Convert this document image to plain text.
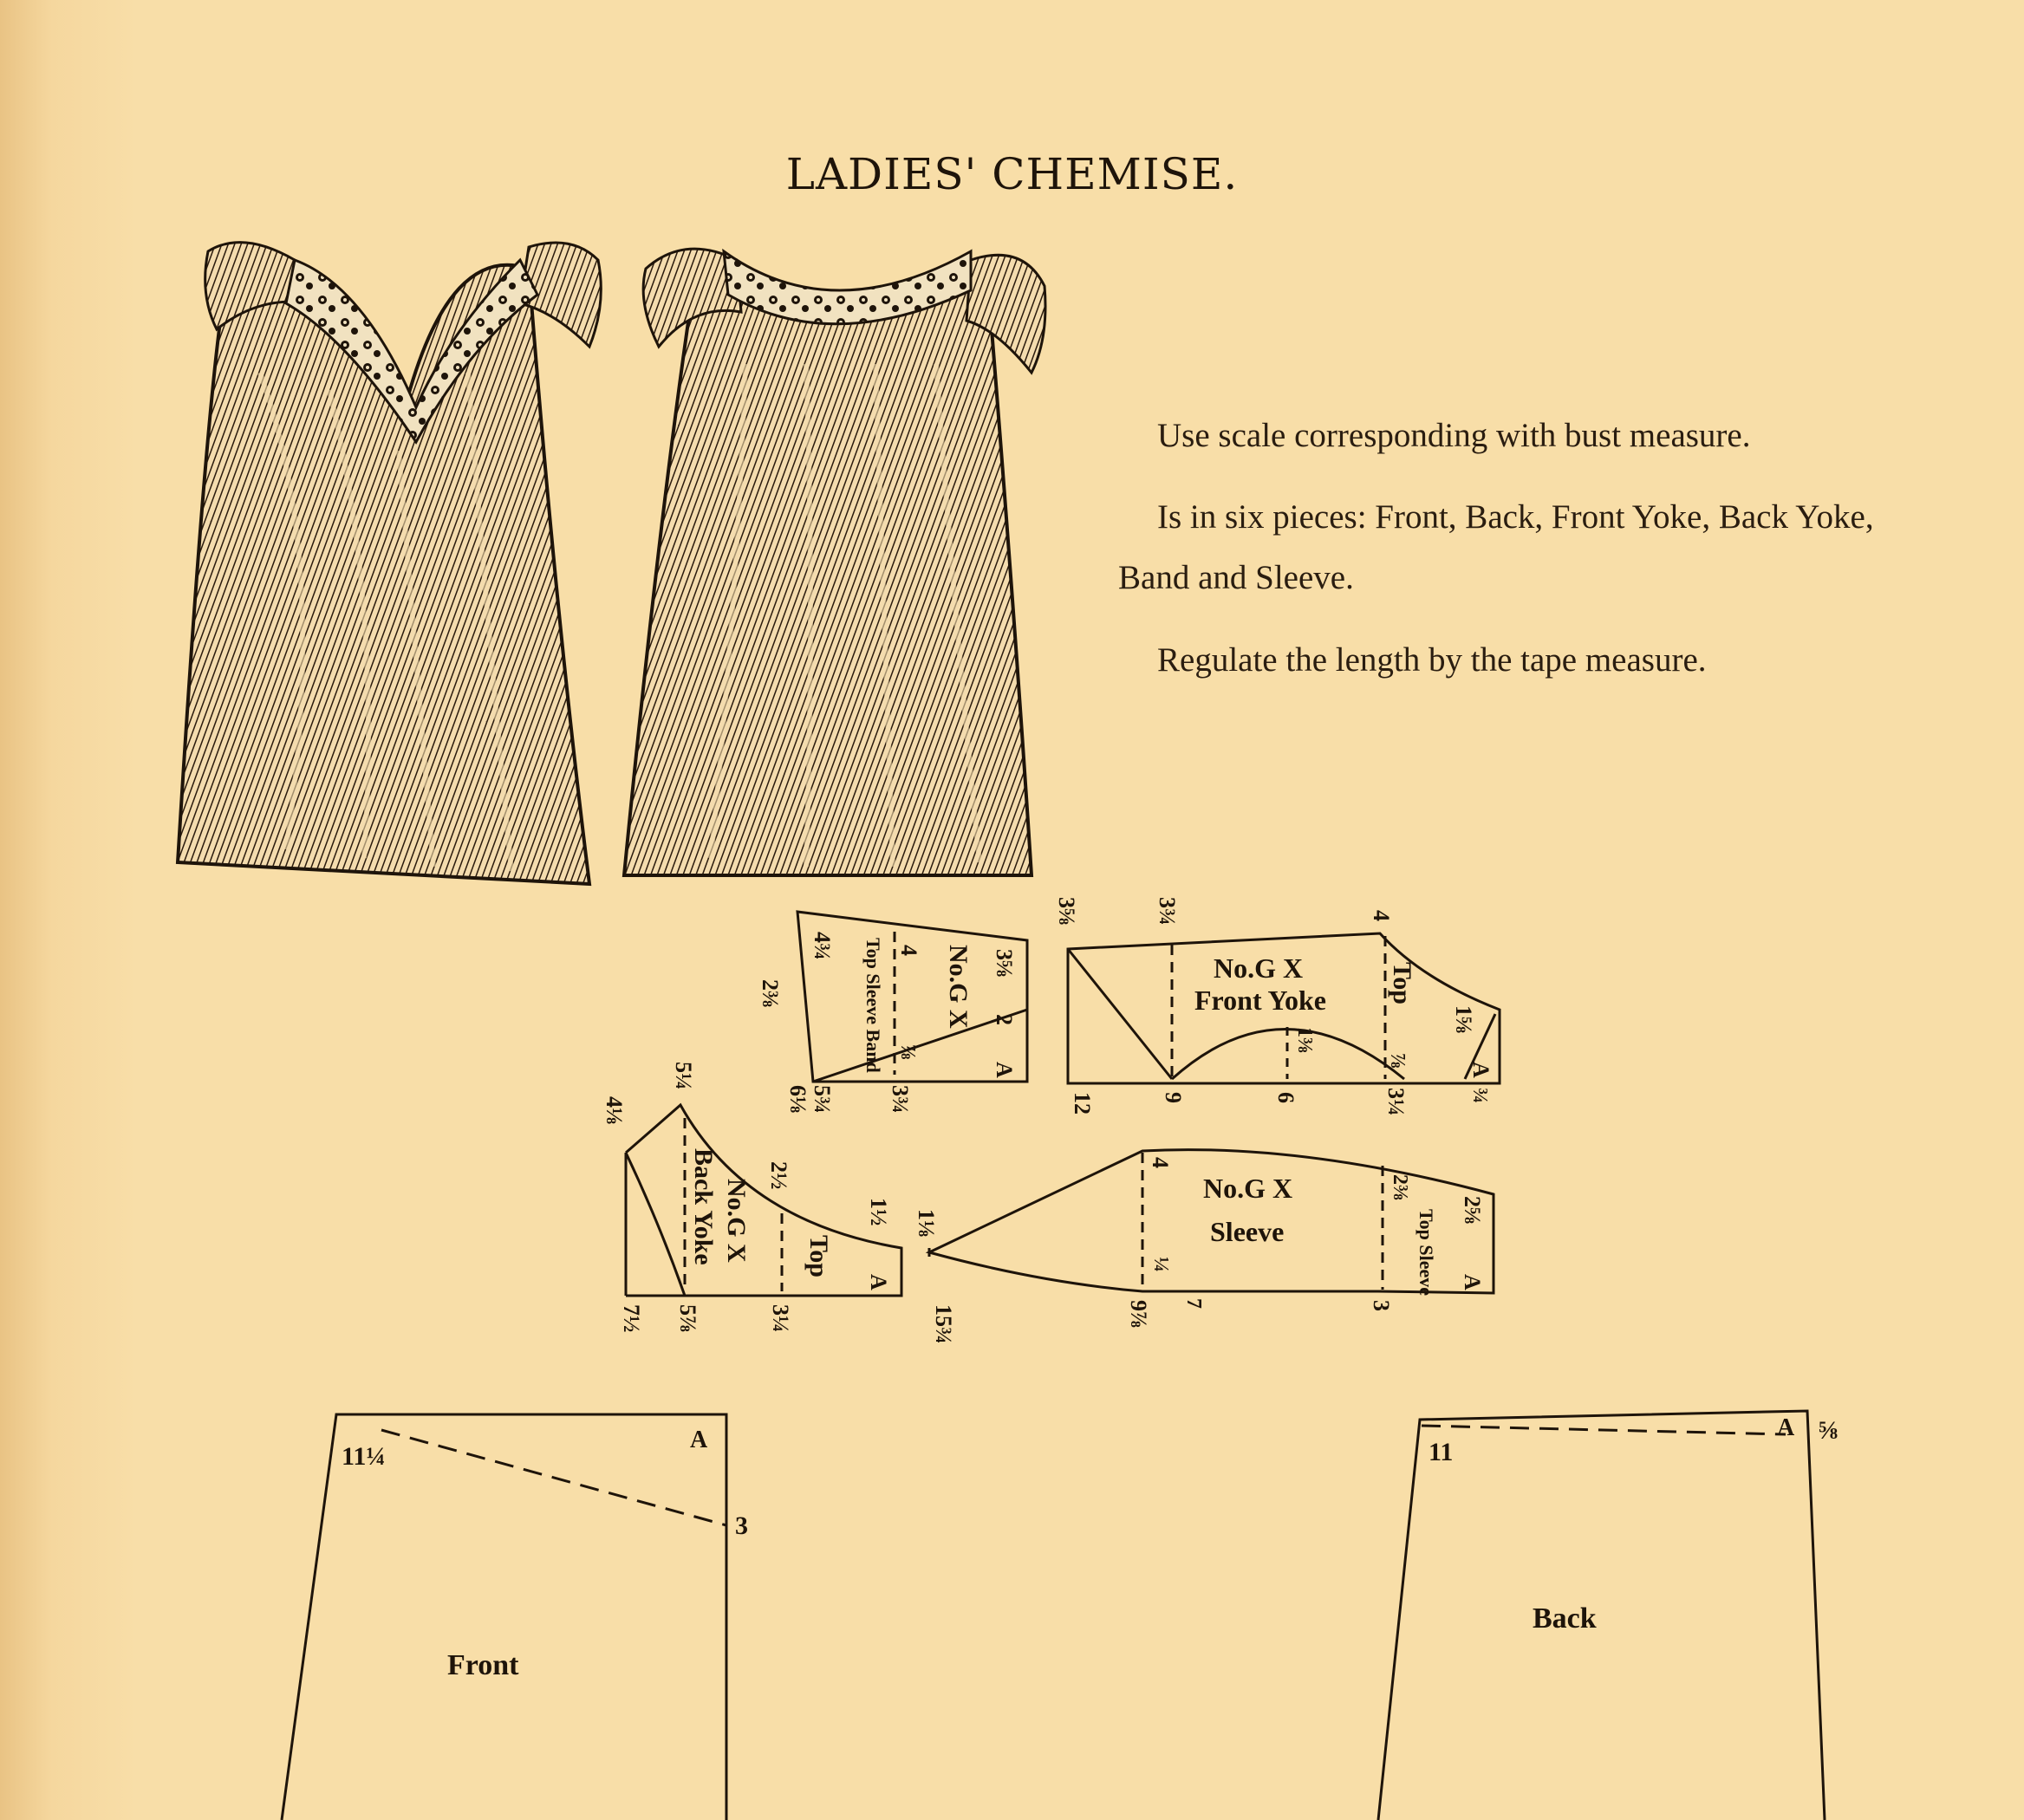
LADIES' CHEMISE.
Use scale corresponding with bust measure.
Is in six pieces: Front, Back, Front Yoke, Back Yoke, Band and Sleeve.
Regulate the length by the tape measure.
No.G X
Top Sleeve Band	A
3⅝
4¾
2⅜
4
2
⅞
6⅛ 5¾ 3¾
No.G X
Front Yoke Top
A
3⅝	3¾	4
1⅝
⅞
1⅜
12	9	6	3¼	¾
No.G X
Back Yoke	Top
A
4⅛
5¼
2½
1½
7½ 5⅞	3¼
No.G X
Sleeve	Top Sleeve A
1⅛
4
2⅜
2⅝
15¾	9⅞
¼
7	3
Front
A
11¼
3
Back
A
11
⅝
